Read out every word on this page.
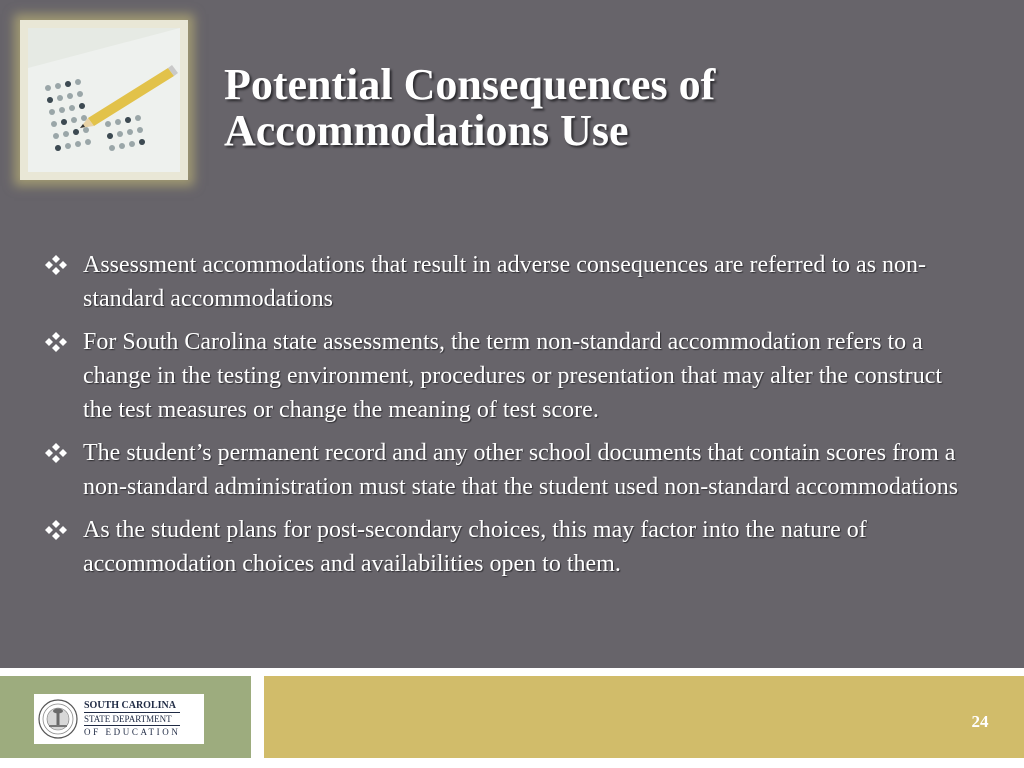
Potential Consequences of
Accommodations Use
Assessment accommodations that result in adverse consequences are referred to as non-standard accommodations
For South Carolina state assessments, the term non-standard accommodation refers to a change in the testing environment, procedures or presentation that may alter the construct the test measures or change the meaning of test score.
The student’s permanent record and any other school documents that contain scores from a non-standard administration must state that the student used non-standard accommodations
As the student plans for post-secondary choices, this may factor into the nature of accommodation choices and availabilities open to them.
SOUTH CAROLINA
STATE DEPARTMENT
OF EDUCATION
24
